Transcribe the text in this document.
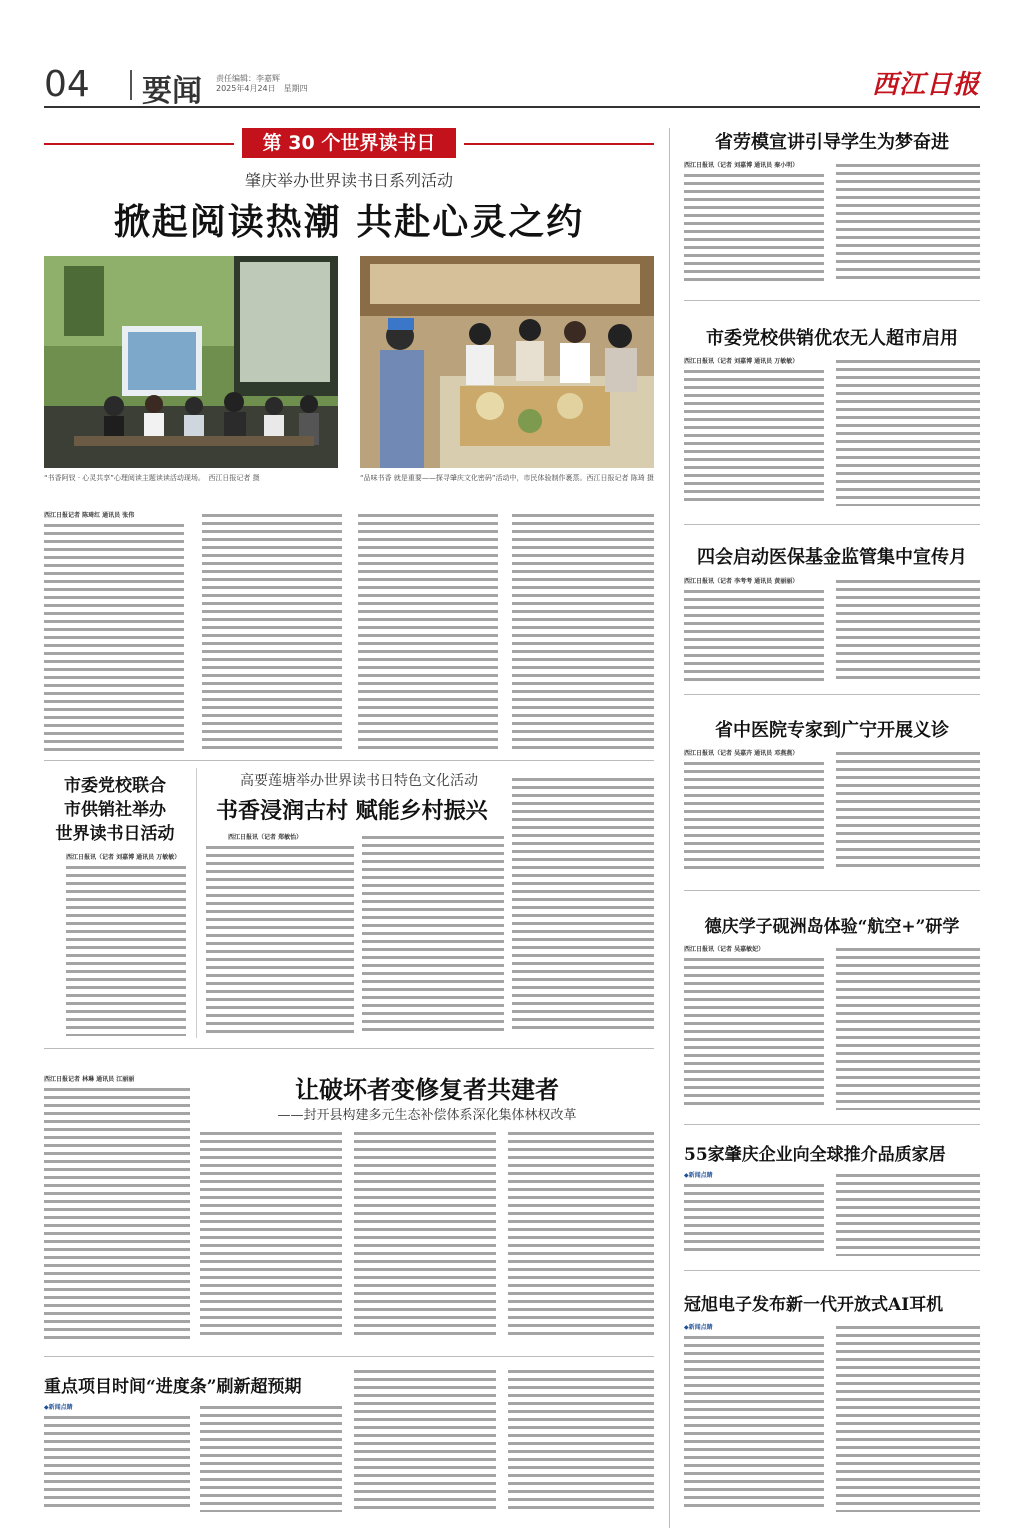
04 要闻 责任编辑：李嘉辉
2025年4月24日　星期四	西江日报
第 30 个世界读书日
肇庆举办世界读书日系列活动
掀起阅读热潮 共赴心灵之约
“书香阿钗 · 心灵共享”心理阅读主题读读活动现场。　西江日报记者 摄	“品味书香 就是重要——探寻肇庆文化密码”活动中，市民体验制作裹蒸。西江日报记者 陈琦 摄
西江日报记者 陈琦红 通讯员 张伟
市委党校联合
市供销社举办
世界读书日活动
西江日报讯（记者 刘嘉博 通讯员 万敏敏）
高要莲塘举办世界读书日特色文化活动
书香浸润古村 赋能乡村振兴
西江日报讯（记者 郑敏怡）
西江日报记者 林琳 通讯员 江丽丽	让破坏者变修复者共建者
——封开县构建多元生态补偿体系深化集体林权改革
重点项目时间“进度条”刷新超预期
◆新闻点睛
省劳模宣讲引导学生为梦奋进
西江日报讯（记者 刘嘉博 通讯员 秦小明）
市委党校供销优农无人超市启用
西江日报讯（记者 刘嘉博 通讯员 万敏敏）
四会启动医保基金监管集中宣传月
西江日报讯（记者 李考考 通讯员 黄丽丽）
省中医院专家到广宁开展义诊
西江日报讯（记者 吴嘉卉 通讯员 邓燕燕）
德庆学子砚洲岛体验“航空+”研学
西江日报讯（记者 吴嘉敏妃）
55家肇庆企业向全球推介品质家居
◆新闻点睛
冠旭电子发布新一代开放式AI耳机
◆新闻点睛
